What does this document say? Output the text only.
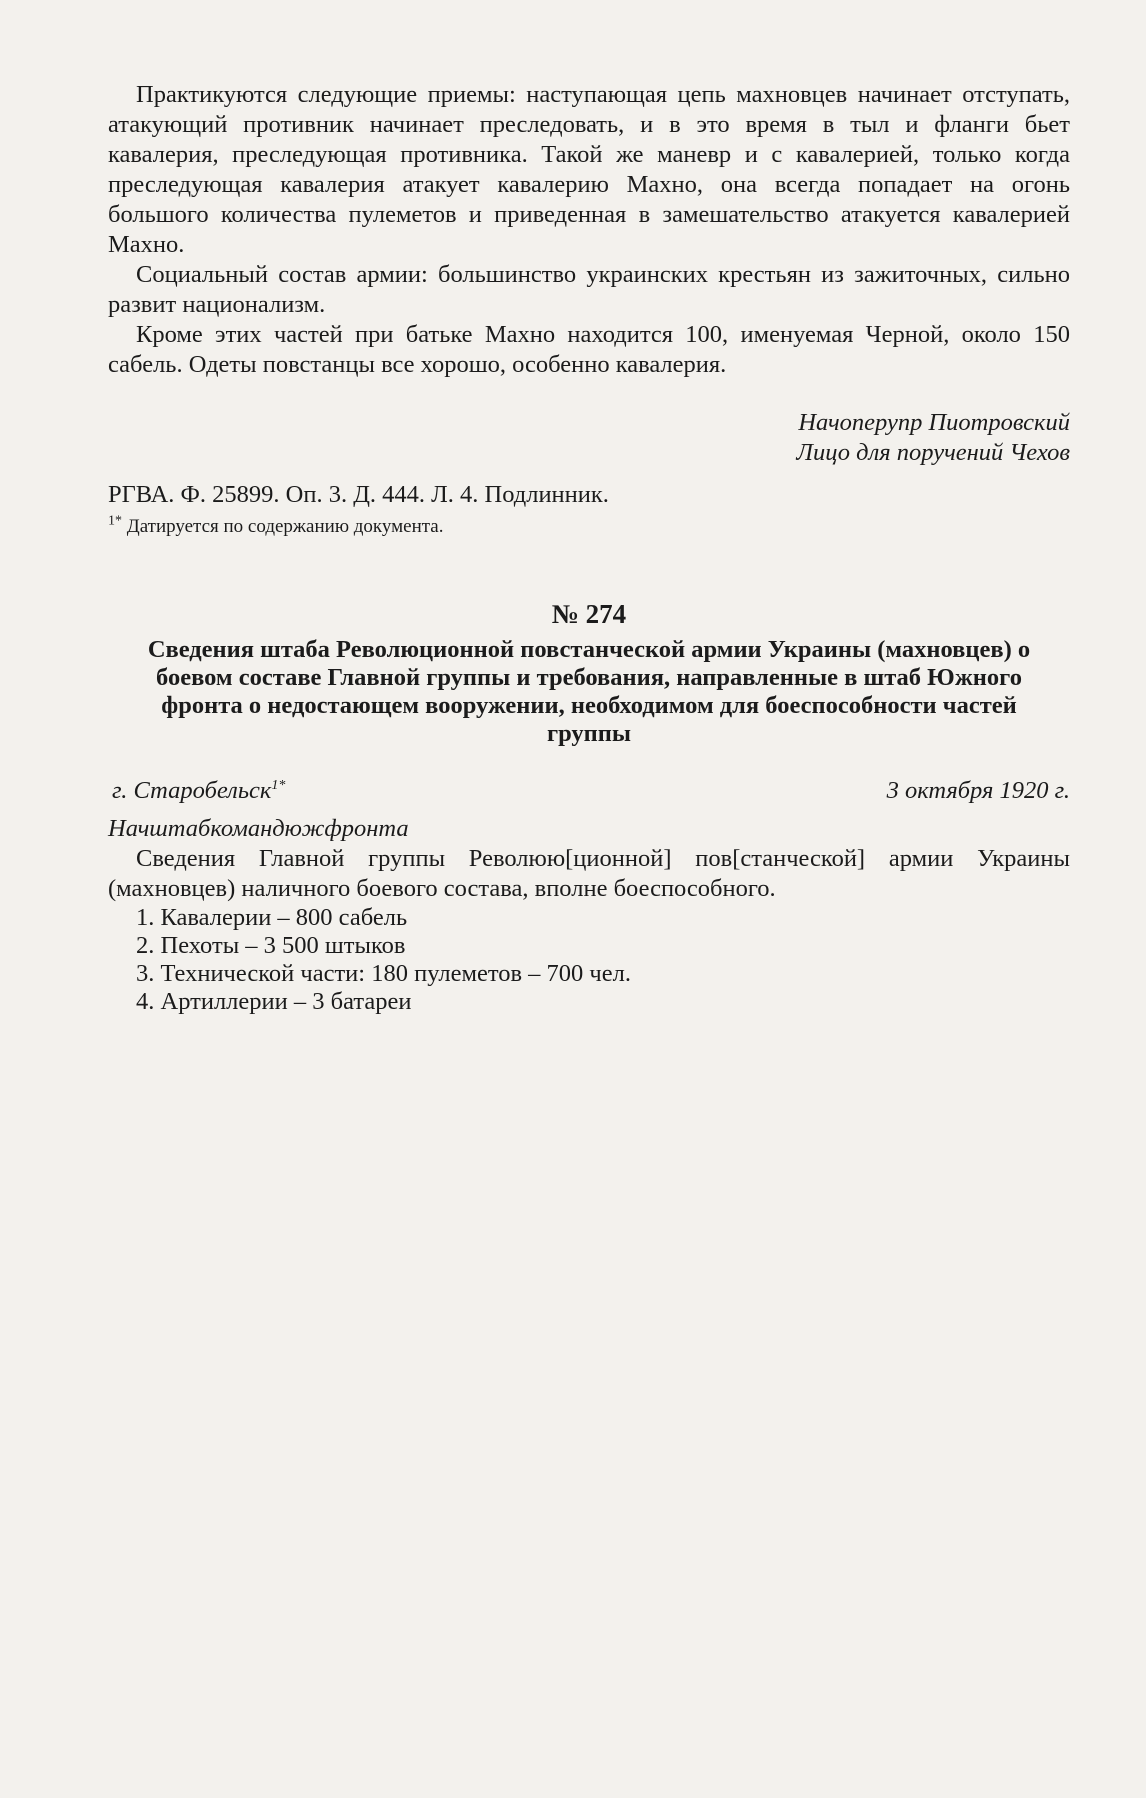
Практикуются следующие приемы: наступающая цепь махновцев начинает отступать, атакующий противник начинает преследовать, и в это время в тыл и фланги бьет кавалерия, преследующая противника. Такой же маневр и с кавалерией, только когда преследующая кавалерия атакует кавалерию Махно, она всегда попадает на огонь большого количества пулеметов и приведенная в замешательство атакуется кавалерией Махно.

Социальный состав армии: большинство украинских крестьян из зажиточных, сильно развит национализм.

Кроме этих частей при батьке Махно находится 100, именуемая Черной, около 150 сабель. Одеты повстанцы все хорошо, особенно кавалерия.

Начоперупр Пиотровский
Лицо для поручений Чехов

РГВА. Ф. 25899. Оп. 3. Д. 444. Л. 4. Подлинник.

$^{1*}$ Датируется по содержанию документа.

№ 274
Сведения штаба Революционной повстанческой армии Украины (махновцев) о боевом составе Главной группы и требования, направленные в штаб Южного фронта о недостающем вооружении, необходимом для боеспособности частей группы
г. Старобельск$^{1*}$	3 октября 1920 г.
Начштабкомандюжфронта

Сведения Главной группы Революю[ционной] пов[станческой] армии Украины (махновцев) наличного боевого состава, вполне боеспособного.

1. Кавалерии – 800 сабель

2. Пехоты – 3 500 штыков

3. Технической части: 180 пулеметов – 700 чел.

4. Артиллерии – 3 батареи
